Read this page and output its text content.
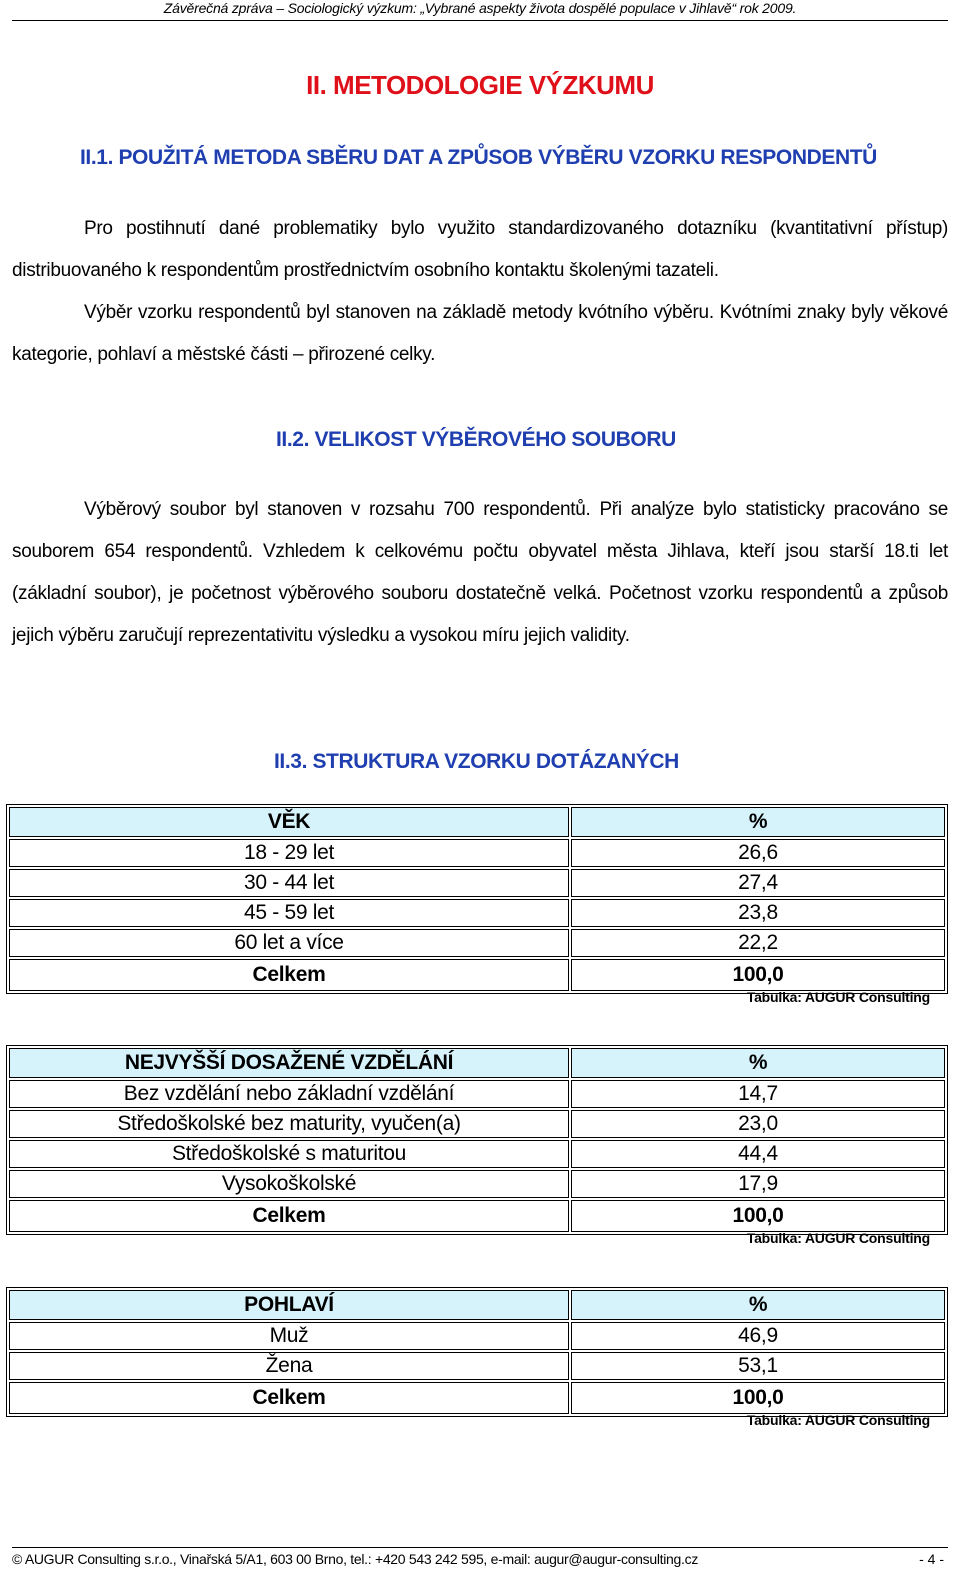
Závěrečná zpráva – Sociologický výzkum: „Vybrané aspekty života dospělé populace v Jihlavě“ rok 2009.
II. METODOLOGIE VÝZKUMU
II.1. POUŽITÁ METODA SBĚRU DAT A ZPŮSOB VÝBĚRU VZORKU RESPONDENTŮ

Pro postihnutí dané problematiky bylo využito standardizovaného dotazníku (kvantitativní přístup) distribuovaného k respondentům prostřednictvím osobního kontaktu školenými tazateli.

Výběr vzorku respondentů byl stanoven na základě metody kvótního výběru. Kvótními znaky byly věkové kategorie, pohlaví a městské části – přirozené celky.

II.2. VELIKOST VÝBĚROVÉHO SOUBORU

Výběrový soubor byl stanoven v rozsahu 700 respondentů. Při analýze bylo statisticky pracováno se souborem 654 respondentů. Vzhledem k celkovému počtu obyvatel města Jihlava, kteří jsou starší 18.ti let (základní soubor), je početnost výběrového souboru dostatečně velká. Početnost vzorku respondentů a způsob jejich výběru zaručují reprezentativitu výsledku a vysokou míru jejich validity.

II.3. STRUKTURA VZORKU DOTÁZANÝCH
VĚK	%
18 - 29 let	26,6
30 - 44 let	27,4
45 - 59 let	23,8
60 let a více	22,2
Celkem	100,0
Tabulka: AUGUR Consulting
NEJVYŠŠÍ DOSAŽENÉ VZDĚLÁNÍ	%
Bez vzdělání nebo základní vzdělání	14,7
Středoškolské bez maturity, vyučen(a)	23,0
Středoškolské s maturitou	44,4
Vysokoškolské	17,9
Celkem	100,0
Tabulka: AUGUR Consulting
POHLAVÍ	%
Muž	46,9
Žena	53,1
Celkem	100,0
Tabulka: AUGUR Consulting
© AUGUR Consulting s.r.o., Vinařská 5/A1, 603 00 Brno, tel.: +420 543 242 595, e-mail: augur@augur-consulting.cz	- 4 -
